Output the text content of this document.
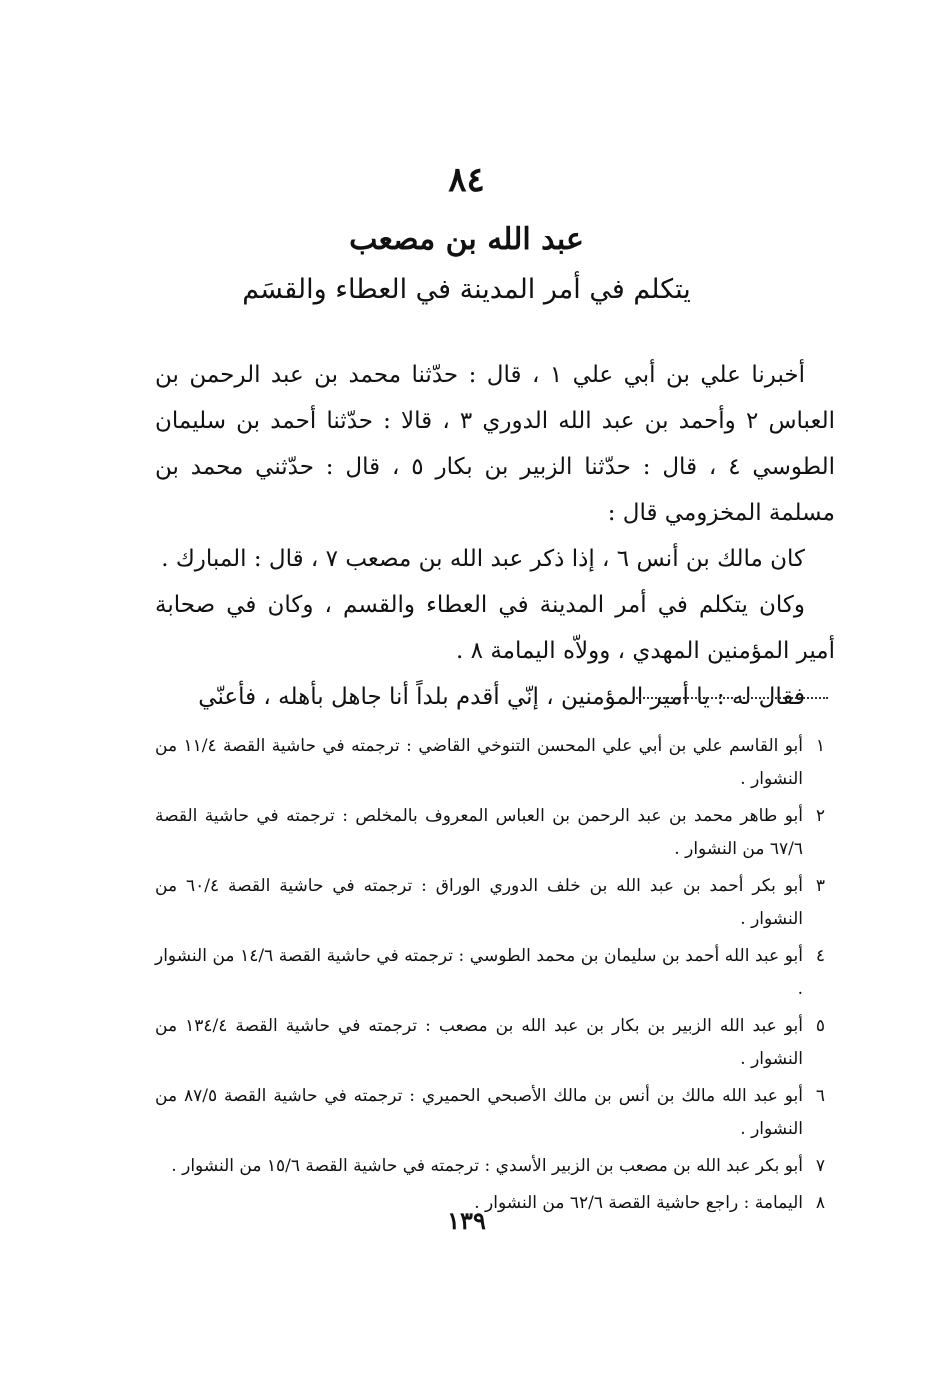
٨٤
عبد الله بن مصعب
يتكلم في أمر المدينة في العطاء والقسَم

أخبرنا علي بن أبي علي ١ ، قال : حدّثنا محمد بن عبد الرحمن بن العباس ٢ وأحمد بن عبد الله الدوري ٣ ، قالا : حدّثنا أحمد بن سليمان الطوسي ٤ ، قال : حدّثنا الزبير بن بكار ٥ ، قال : حدّثني محمد بن مسلمة المخزومي قال :

كان مالك بن أنس ٦ ، إذا ذكر عبد الله بن مصعب ٧ ، قال : المبارك .

وكان يتكلم في أمر المدينة في العطاء والقسم ، وكان في صحابة أمير المؤمنين المهدي ، وولاّه اليمامة ٨ .

فقال له : يا أمير المؤمنين ، إنّي أقدم بلداً أنا جاهل بأهله ، فأعنّي

١
أبو القاسم علي بن أبي علي المحسن التنوخي القاضي : ترجمته في حاشية القصة ١١/٤ من النشوار .
٢
أبو طاهر محمد بن عبد الرحمن بن العباس المعروف بالمخلص : ترجمته في حاشية القصة ٦٧/٦ من النشوار .
٣
أبو بكر أحمد بن عبد الله بن خلف الدوري الوراق : ترجمته في حاشية القصة ٦٠/٤ من النشوار .
٤
أبو عبد الله أحمد بن سليمان بن محمد الطوسي : ترجمته في حاشية القصة ١٤/٦ من النشوار .
٥
أبو عبد الله الزبير بن بكار بن عبد الله بن مصعب : ترجمته في حاشية القصة ١٣٤/٤ من النشوار .
٦
أبو عبد الله مالك بن أنس بن مالك الأصبحي الحميري : ترجمته في حاشية القصة ٨٧/٥ من النشوار .
٧
أبو بكر عبد الله بن مصعب بن الزبير الأسدي : ترجمته في حاشية القصة ١٥/٦ من النشوار .
٨
اليمامة : راجع حاشية القصة ٦٢/٦ من النشوار .
١٣٩
